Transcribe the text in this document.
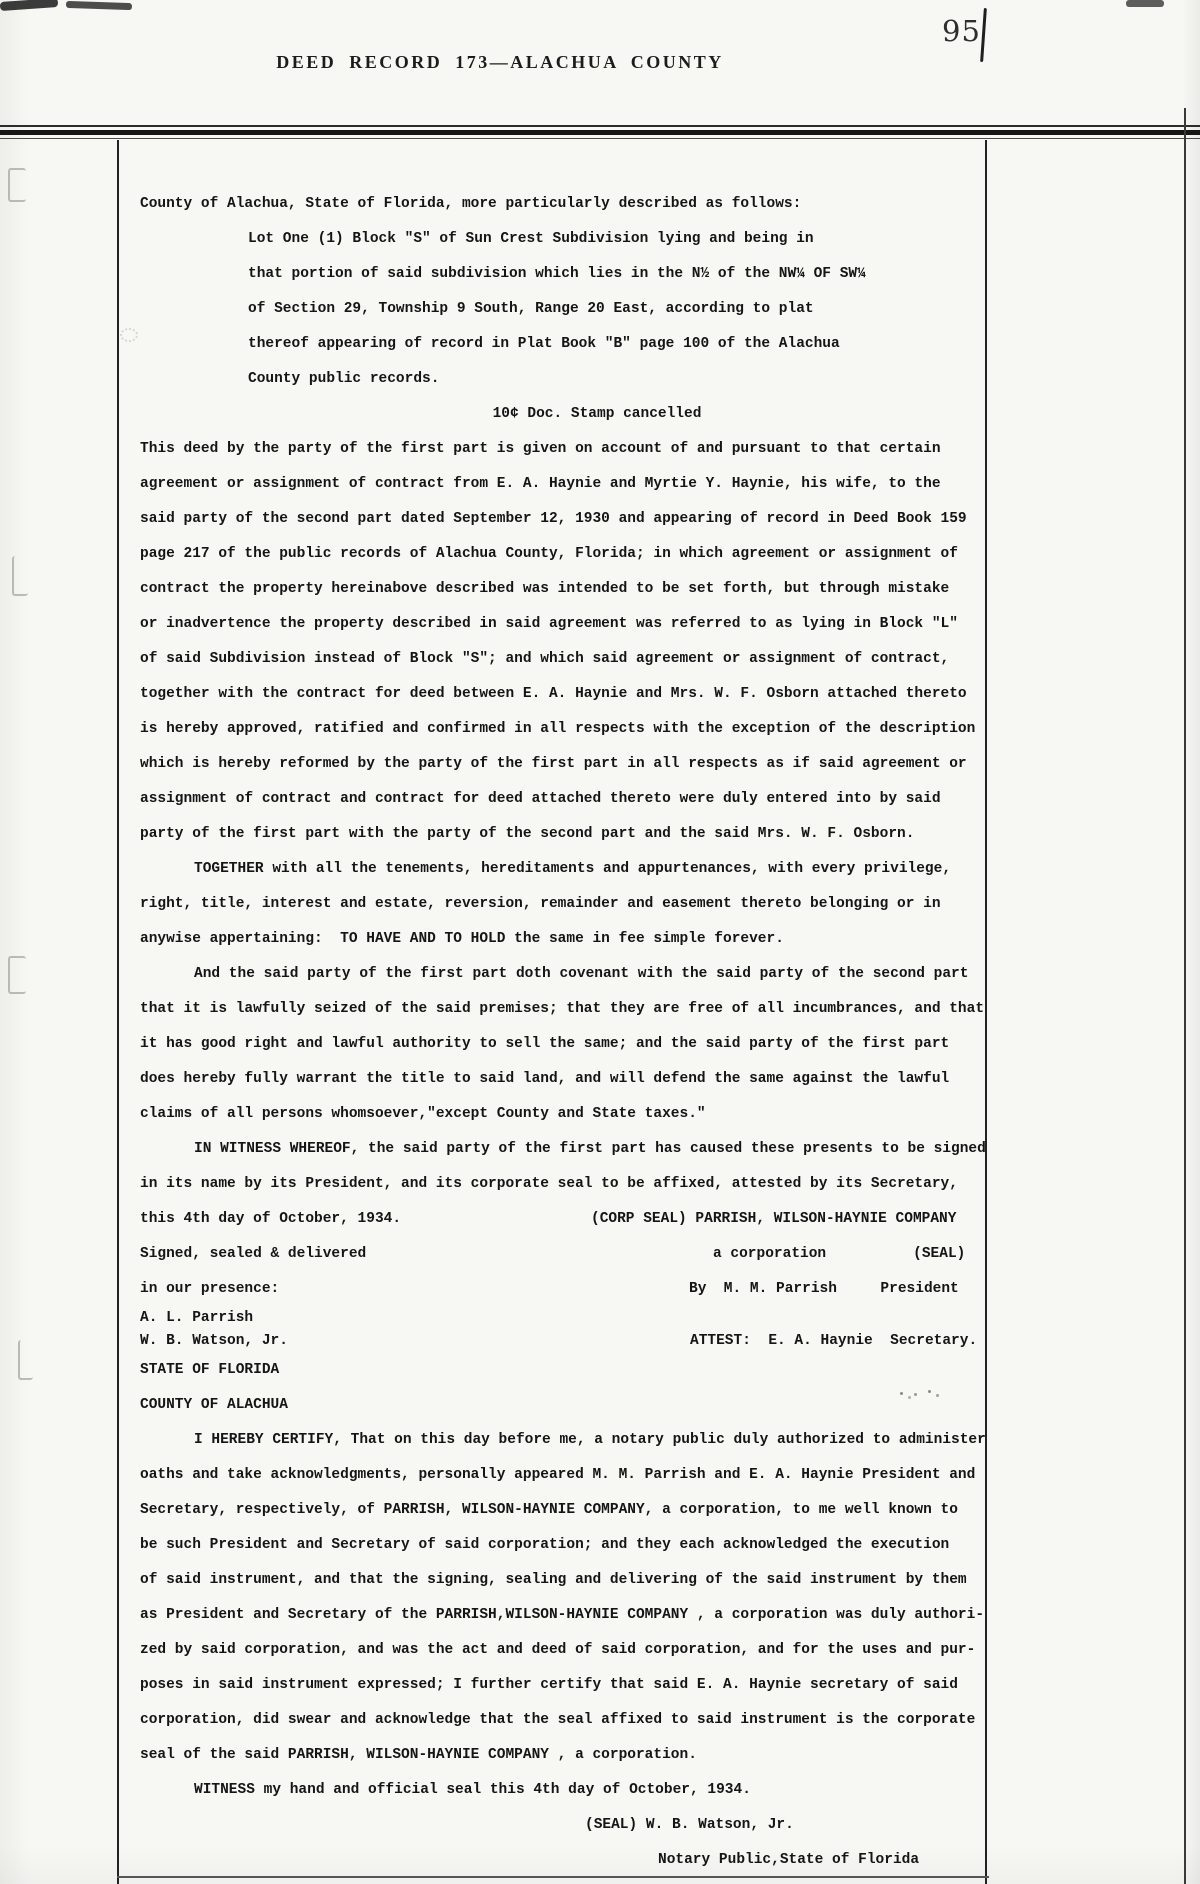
95
DEED RECORD 173—ALACHUA COUNTY
County of Alachua, State of Florida, more particularly described as follows:
Lot One (1) Block "S" of Sun Crest Subdivision lying and being in
that portion of said subdivision which lies in the N½ of the NW¼ OF SW¼
of Section 29, Township 9 South, Range 20 East, according to plat
thereof appearing of record in Plat Book "B" page 100 of the Alachua
County public records.
10¢ Doc. Stamp cancelled
This deed by the party of the first part is given on account of and pursuant to that certain
agreement or assignment of contract from E. A. Haynie and Myrtie Y. Haynie, his wife, to the
said party of the second part dated September 12, 1930 and appearing of record in Deed Book 159
page 217 of the public records of Alachua County, Florida; in which agreement or assignment of
contract the property hereinabove described was intended to be set forth, but through mistake
or inadvertence the property described in said agreement was referred to as lying in Block "L"
of said Subdivision instead of Block "S"; and which said agreement or assignment of contract,
together with the contract for deed between E. A. Haynie and Mrs. W. F. Osborn attached thereto
is hereby approved, ratified and confirmed in all respects with the exception of the description
which is hereby reformed by the party of the first part in all respects as if said agreement or
assignment of contract and contract for deed attached thereto were duly entered into by said
party of the first part with the party of the second part and the said Mrs. W. F. Osborn.
TOGETHER with all the tenements, hereditaments and appurtenances, with every privilege,
right, title, interest and estate, reversion, remainder and easement thereto belonging or in
anywise appertaining:  TO HAVE AND TO HOLD the same in fee simple forever.
And the said party of the first part doth covenant with the said party of the second part
that it is lawfully seized of the said premises; that they are free of all incumbrances, and that
it has good right and lawful authority to sell the same; and the said party of the first part
does hereby fully warrant the title to said land, and will defend the same against the lawful
claims of all persons whomsoever,"except County and State taxes."
IN WITNESS WHEREOF, the said party of the first part has caused these presents to be signed
in its name by its President, and its corporate seal to be affixed, attested by its Secretary,
this 4th day of October, 1934.	(CORP SEAL) PARRISH, WILSON-HAYNIE COMPANY
Signed, sealed & delivered	a corporation          (SEAL)
in our presence:	By  M. M. Parrish     President
A. L. Parrish
W. B. Watson, Jr.	ATTEST:  E. A. Haynie  Secretary.
STATE OF FLORIDA
COUNTY OF ALACHUA
I HEREBY CERTIFY, That on this day before me, a notary public duly authorized to administer
oaths and take acknowledgments, personally appeared M. M. Parrish and E. A. Haynie President and
Secretary, respectively, of PARRISH, WILSON-HAYNIE COMPANY, a corporation, to me well known to
be such President and Secretary of said corporation; and they each acknowledged the execution
of said instrument, and that the signing, sealing and delivering of the said instrument by them
as President and Secretary of the PARRISH,WILSON-HAYNIE COMPANY , a corporation was duly authori-
zed by said corporation, and was the act and deed of said corporation, and for the uses and pur-
poses in said instrument expressed; I further certify that said E. A. Haynie secretary of said
corporation, did swear and acknowledge that the seal affixed to said instrument is the corporate
seal of the said PARRISH, WILSON-HAYNIE COMPANY , a corporation.
WITNESS my hand and official seal this 4th day of October, 1934.
(SEAL) W. B. Watson, Jr.
Notary Public,State of Florida
